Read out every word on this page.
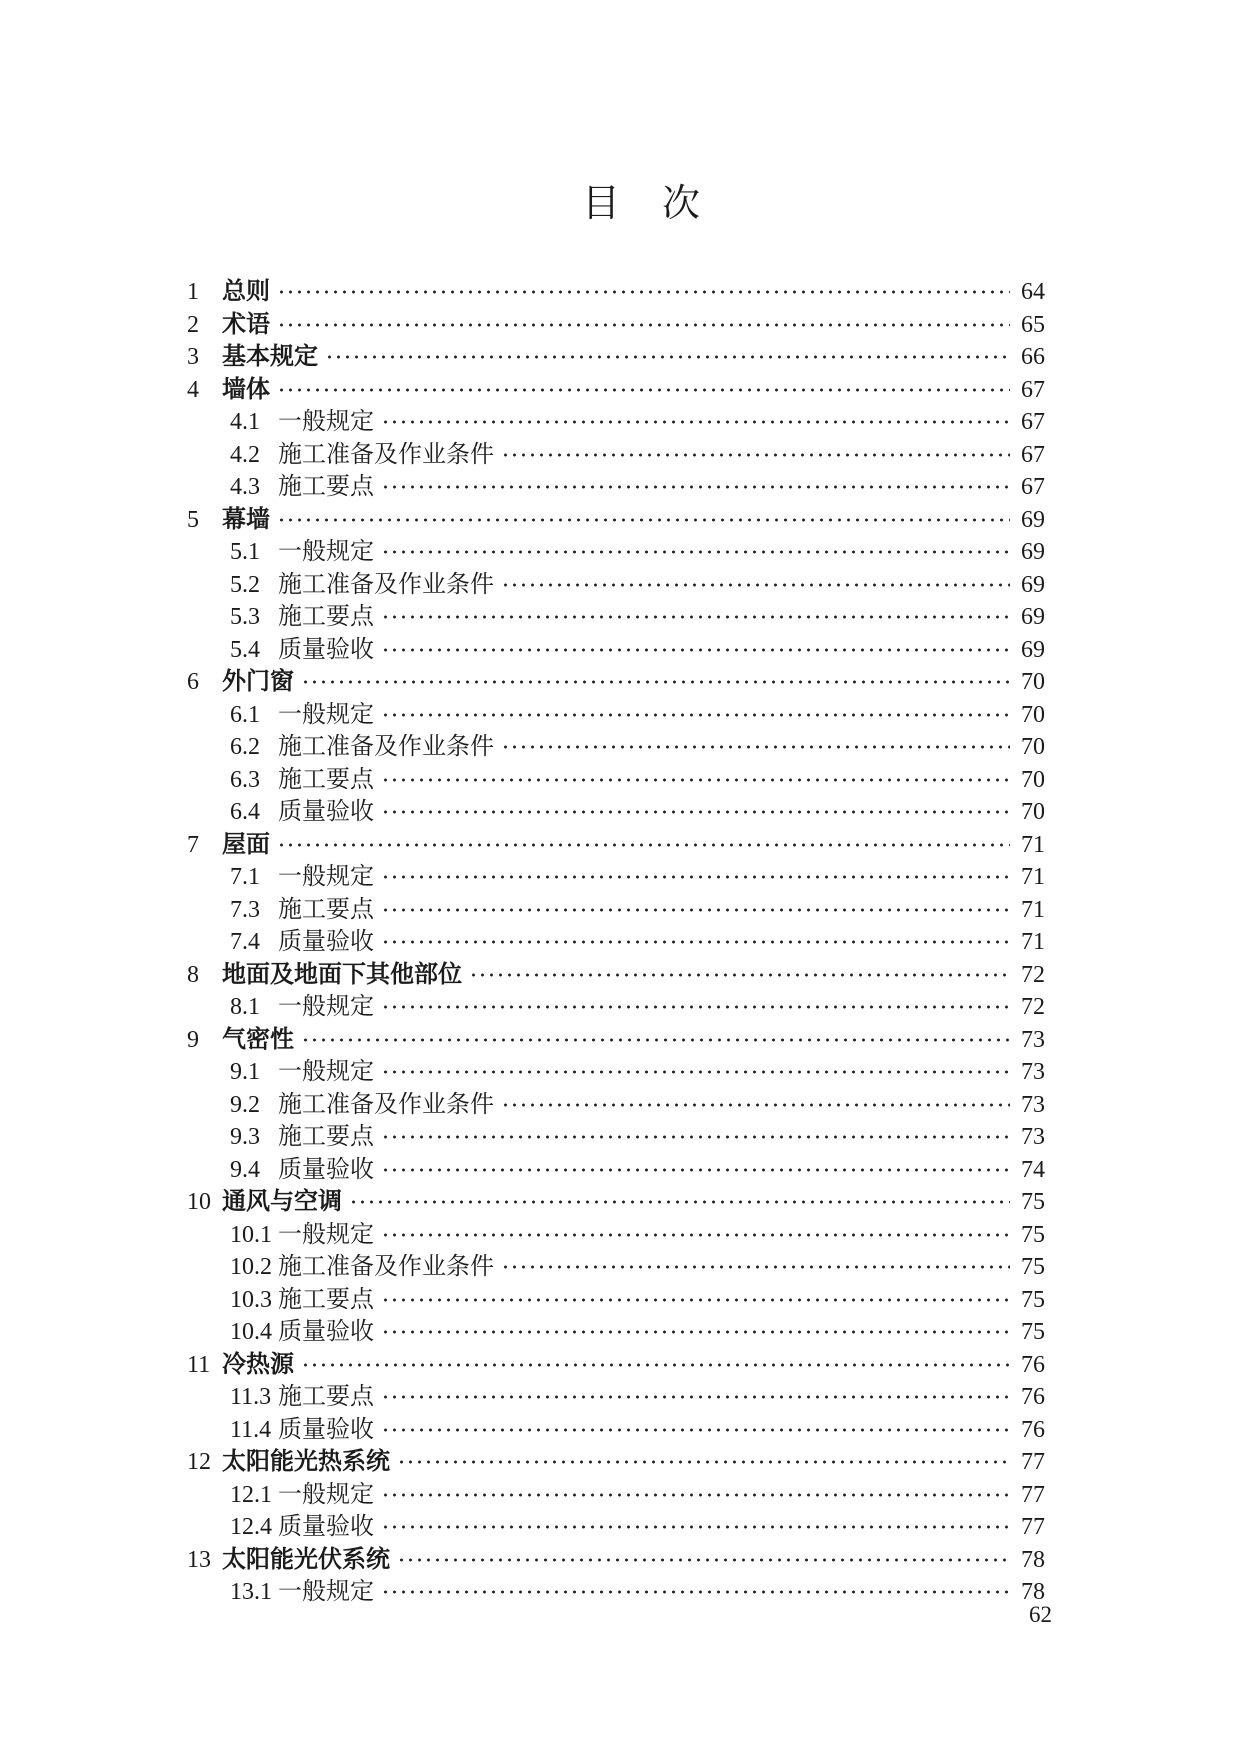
目次
1 总则	64
2 术语	65
3 基本规定	66
4 墙体	67
4.1 一般规定	67
4.2 施工准备及作业条件	67
4.3 施工要点	67
5 幕墙	69
5.1 一般规定	69
5.2 施工准备及作业条件	69
5.3 施工要点	69
5.4 质量验收	69
6 外门窗	70
6.1 一般规定	70
6.2 施工准备及作业条件	70
6.3 施工要点	70
6.4 质量验收	70
7 屋面	71
7.1 一般规定	71
7.3 施工要点	71
7.4 质量验收	71
8 地面及地面下其他部位	72
8.1 一般规定	72
9 气密性	73
9.1 一般规定	73
9.2 施工准备及作业条件	73
9.3 施工要点	73
9.4 质量验收	74
10 通风与空调	75
10.1 一般规定	75
10.2 施工准备及作业条件	75
10.3 施工要点	75
10.4 质量验收	75
11 冷热源	76
11.3 施工要点	76
11.4 质量验收	76
12 太阳能光热系统	77
12.1 一般规定	77
12.4 质量验收	77
13 太阳能光伏系统	78
13.1 一般规定	78
62
